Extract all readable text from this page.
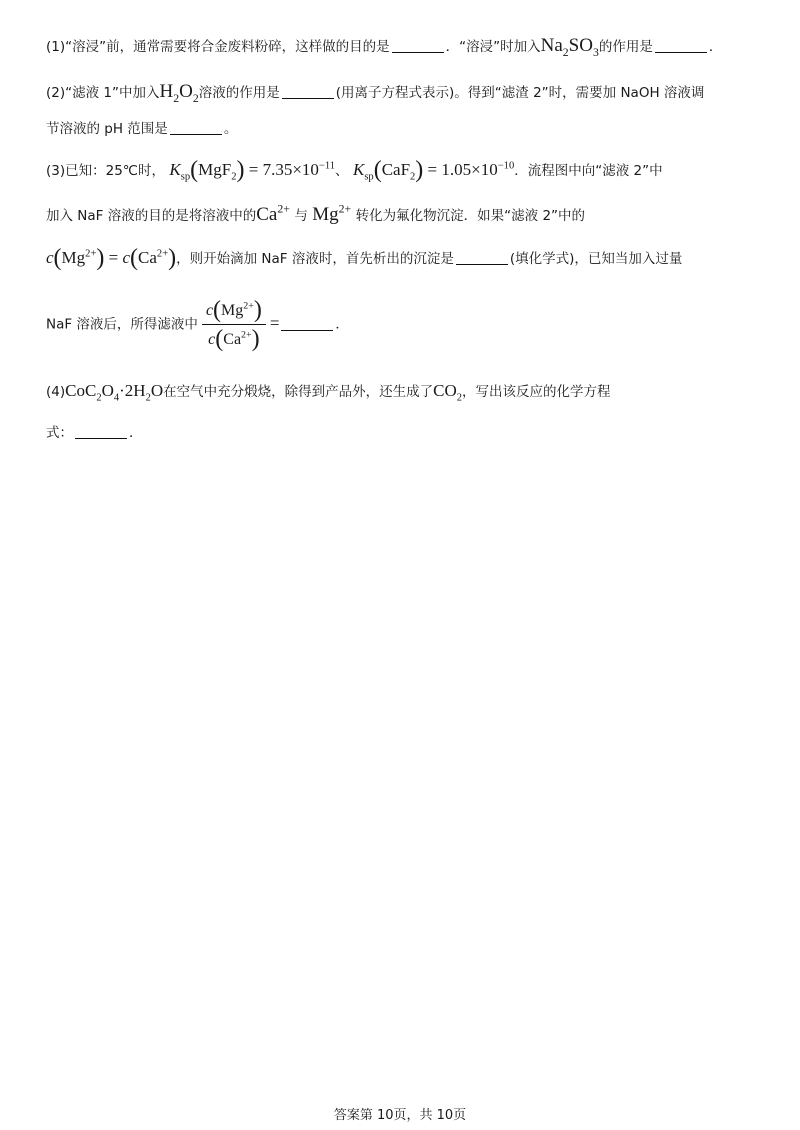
(1)“溶浸”前，通常需要将合金废料粉碎，这样做的目的是	．“溶浸”时加入$Na_2SO_3$的作用是	．
(2)“滤液 1”中加入$H_2O_2$溶液的作用是	(用离子方程式表示)。得到“滤渣 2”时，需要加 NaOH 溶液调
节溶液的 pH 范围是	。
(3)已知：25℃时， $K_{sp}(MgF_2) = 7.35\times 10^{-11}$、 $K_{sp}(CaF_2) = 1.05\times 10^{-10}$．流程图中向“滤液 2”中
加入 NaF 溶液的目的是将溶液中的$Ca^{2+}$ 与 $Mg^{2+}$ 转化为氟化物沉淀．如果“滤液 2”中的
$c(Mg^{2+}) = c(Ca^{2+})$，则开始滴加 NaF 溶液时，首先析出的沉淀是	(填化学式)，已知当加入过量
NaF 溶液后，所得滤液中 $\frac{c(Mg^{2+})}{c(Ca^{2+})}$ =	．
$(4)CoC_2O_4\cdot 2H_2O$在空气中充分煅烧，除得到产品外，还生成了$CO_2$，写出该反应的化学方程
式：	．
答案第 10页，共 10页
